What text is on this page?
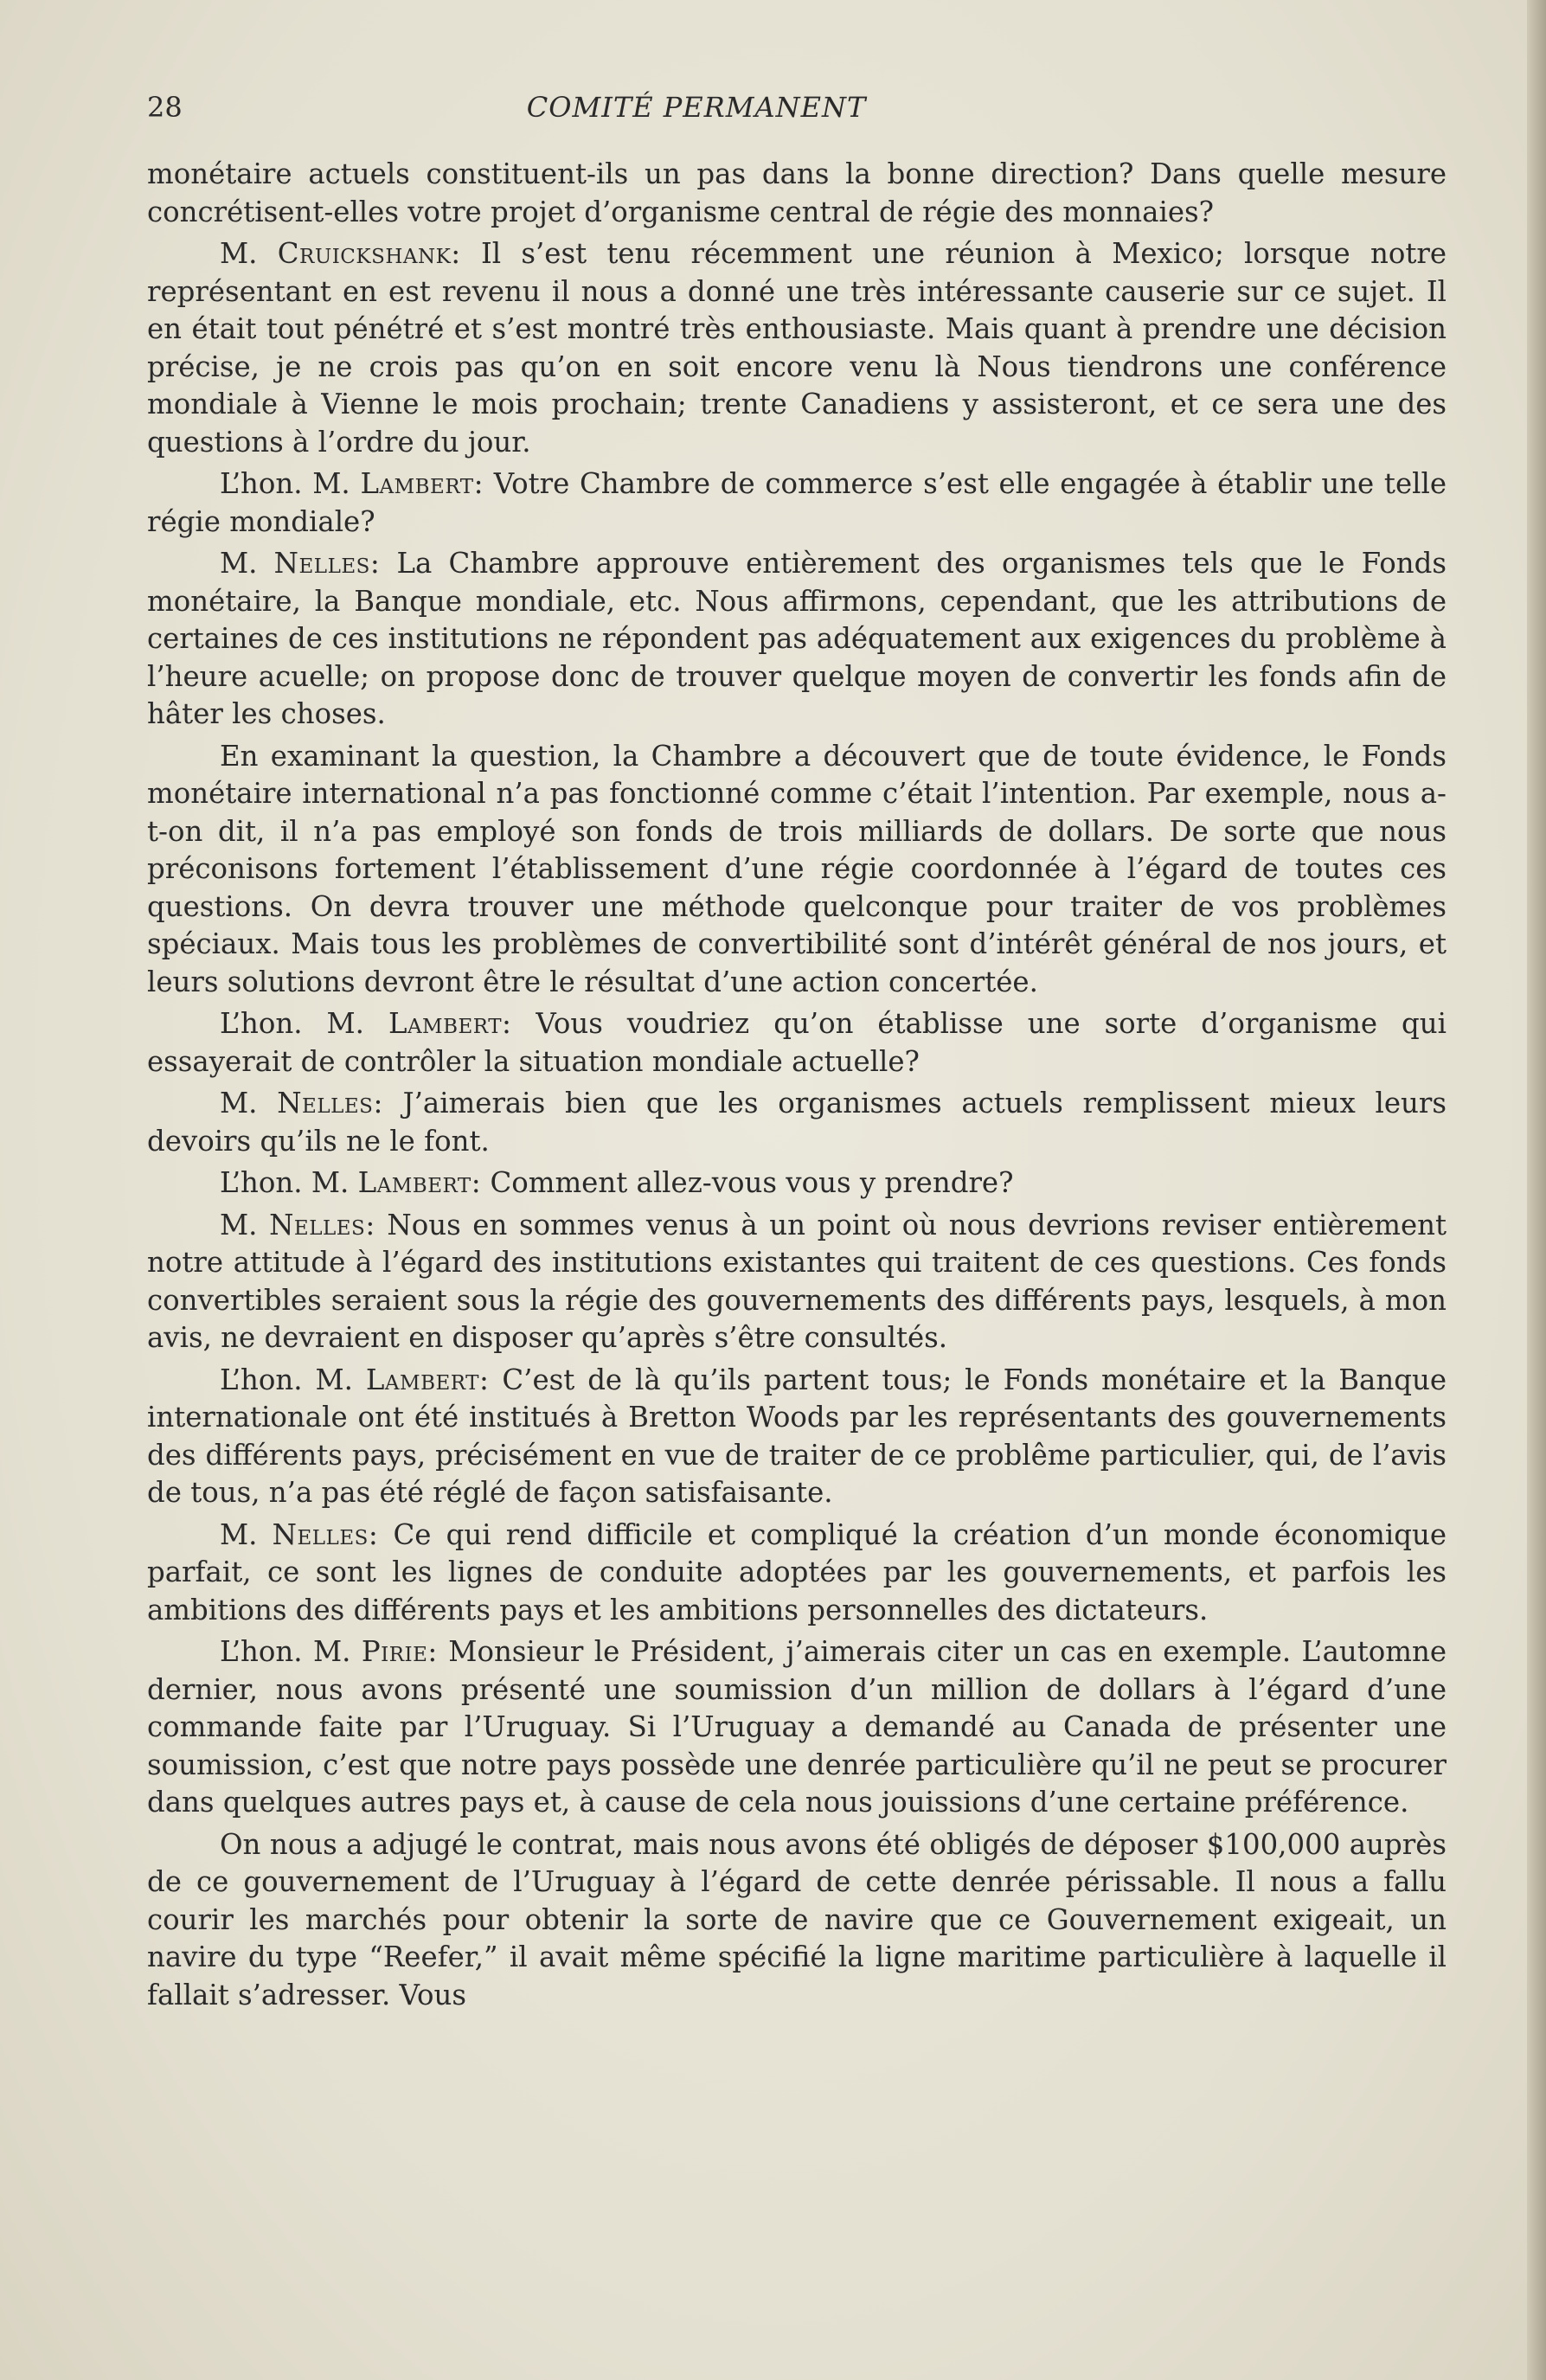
28	COMITÉ PERMANENT

monétaire actuels constituent-ils un pas dans la bonne direction? Dans quelle mesure concrétisent-elles votre projet d’organisme central de régie des monnaies?

M. Cruickshank: Il s’est tenu récemment une réunion à Mexico; lorsque notre représentant en est revenu il nous a donné une très intéressante causerie sur ce sujet. Il en était tout pénétré et s’est montré très enthousiaste. Mais quant à prendre une décision précise, je ne crois pas qu’on en soit encore venu là Nous tiendrons une conférence mondiale à Vienne le mois prochain; trente Canadiens y assisteront, et ce sera une des questions à l’ordre du jour.

L’hon. M. Lambert: Votre Chambre de commerce s’est elle engagée à établir une telle régie mondiale?

M. Nelles: La Chambre approuve entièrement des organismes tels que le Fonds monétaire, la Banque mondiale, etc. Nous affirmons, cependant, que les attributions de certaines de ces institutions ne répondent pas adéquatement aux exigences du problème à l’heure acuelle; on propose donc de trouver quelque moyen de convertir les fonds afin de hâter les choses.

En examinant la question, la Chambre a découvert que de toute évidence, le Fonds monétaire international n’a pas fonctionné comme c’était l’intention. Par exemple, nous a-t-on dit, il n’a pas employé son fonds de trois milliards de dollars. De sorte que nous préconisons fortement l’établissement d’une régie coordonnée à l’égard de toutes ces questions. On devra trouver une méthode quelconque pour traiter de vos problèmes spéciaux. Mais tous les problèmes de convertibilité sont d’intérêt général de nos jours, et leurs solutions devront être le résultat d’une action concertée.

L’hon. M. Lambert: Vous voudriez qu’on établisse une sorte d’organisme qui essayerait de contrôler la situation mondiale actuelle?

M. Nelles: J’aimerais bien que les organismes actuels remplissent mieux leurs devoirs qu’ils ne le font.

L’hon. M. Lambert: Comment allez-vous vous y prendre?

M. Nelles: Nous en sommes venus à un point où nous devrions reviser entièrement notre attitude à l’égard des institutions existantes qui traitent de ces questions. Ces fonds convertibles seraient sous la régie des gouvernements des différents pays, lesquels, à mon avis, ne devraient en disposer qu’après s’être consultés.

L’hon. M. Lambert: C’est de là qu’ils partent tous; le Fonds monétaire et la Banque internationale ont été institués à Bretton Woods par les représentants des gouvernements des différents pays, précisément en vue de traiter de ce problême particulier, qui, de l’avis de tous, n’a pas été réglé de façon satisfaisante.

M. Nelles: Ce qui rend difficile et compliqué la création d’un monde économique parfait, ce sont les lignes de conduite adoptées par les gouvernements, et parfois les ambitions des différents pays et les ambitions personnelles des dictateurs.

L’hon. M. Pirie: Monsieur le Président, j’aimerais citer un cas en exemple. L’automne dernier, nous avons présenté une soumission d’un million de dollars à l’égard d’une commande faite par l’Uruguay. Si l’Uruguay a demandé au Canada de présenter une soumission, c’est que notre pays possède une denrée particulière qu’il ne peut se procurer dans quelques autres pays et, à cause de cela nous jouissions d’une certaine préférence.

On nous a adjugé le contrat, mais nous avons été obligés de déposer $100,000 auprès de ce gouvernement de l’Uruguay à l’égard de cette denrée périssable. Il nous a fallu courir les marchés pour obtenir la sorte de navire que ce Gouvernement exigeait, un navire du type “Reefer,” il avait même spécifié la ligne maritime particulière à laquelle il fallait s’adresser. Vous
